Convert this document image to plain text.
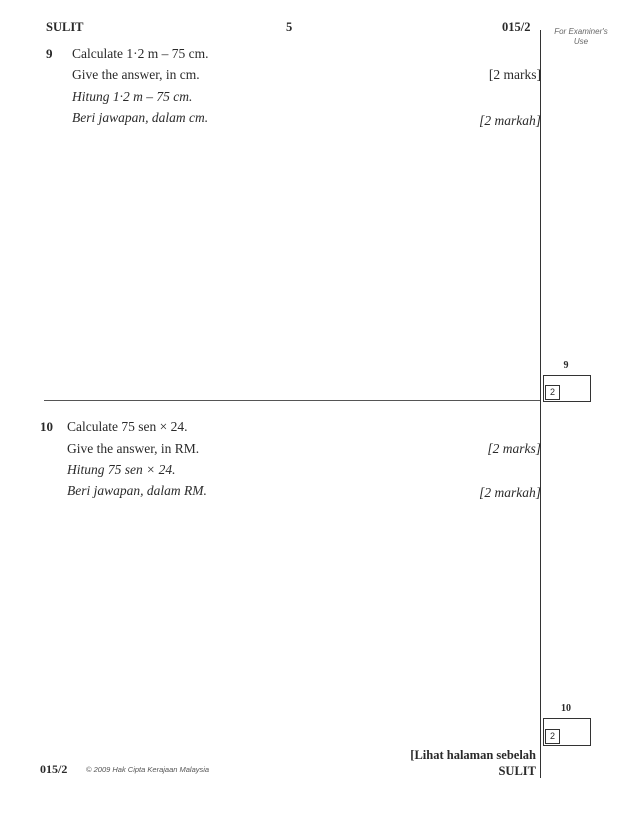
SULIT	5	015/2	For Examiner's Use
9 Calculate 1·2 m – 75 cm.
Give the answer, in cm.
Hitung 1·2 m – 75 cm.
Beri jawapan, dalam cm.
[2 marks]
[2 markah]
9
2
10 Calculate 75 sen × 24.
Give the answer, in RM.
Hitung 75 sen × 24.
Beri jawapan, dalam RM.
[2 marks]
[2 markah]
10
2
015/2 © 2009 Hak Cipta Kerajaan Malaysia
[Lihat halaman sebelah
SULIT
